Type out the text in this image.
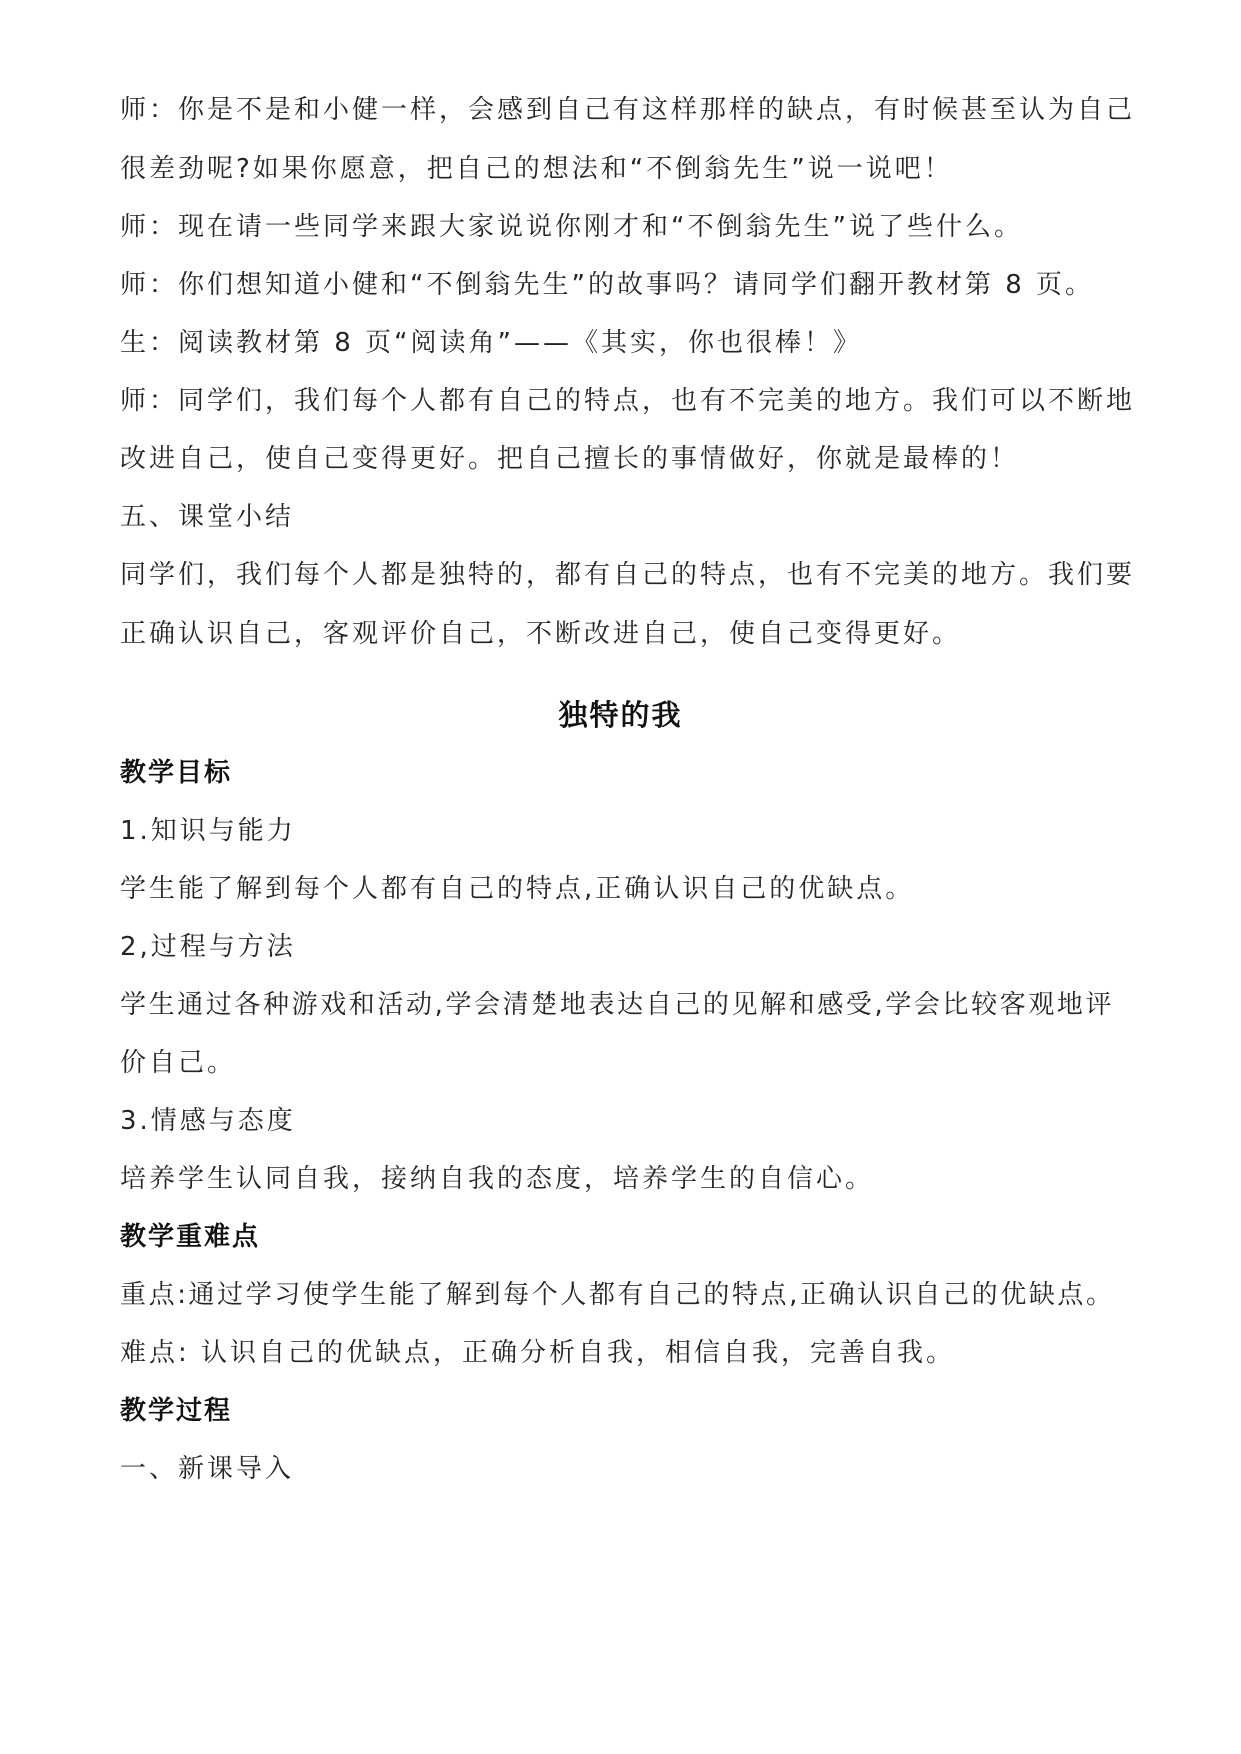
师：你是不是和小健一样，会感到自己有这样那样的缺点，有时候甚至认为自己
很差劲呢?如果你愿意，把自己的想法和“不倒翁先生”说一说吧！
师：现在请一些同学来跟大家说说你刚才和“不倒翁先生”说了些什么。
师：你们想知道小健和“不倒翁先生”的故事吗？请同学们翻开教材第 8 页。
生：阅读教材第 8 页“阅读角”——《其实，你也很棒！》
师：同学们，我们每个人都有自己的特点，也有不完美的地方。我们可以不断地
改进自己，使自己变得更好。把自己擅长的事情做好，你就是最棒的！
五、课堂小结
同学们，我们每个人都是独特的，都有自己的特点，也有不完美的地方。我们要
正确认识自己，客观评价自己，不断改进自己，使自己变得更好。
独特的我
教学目标
1.知识与能力
学生能了解到每个人都有自己的特点,正确认识自己的优缺点。
2,过程与方法
学生通过各种游戏和活动,学会清楚地表达自己的见解和感受,学会比较客观地评
价自己。
3.情感与态度
培养学生认同自我，接纳自我的态度，培养学生的自信心。
教学重难点
重点:通过学习使学生能了解到每个人都有自己的特点,正确认识自己的优缺点。
难点: 认识自己的优缺点，正确分析自我，相信自我，完善自我。
教学过程
一、新课导入
